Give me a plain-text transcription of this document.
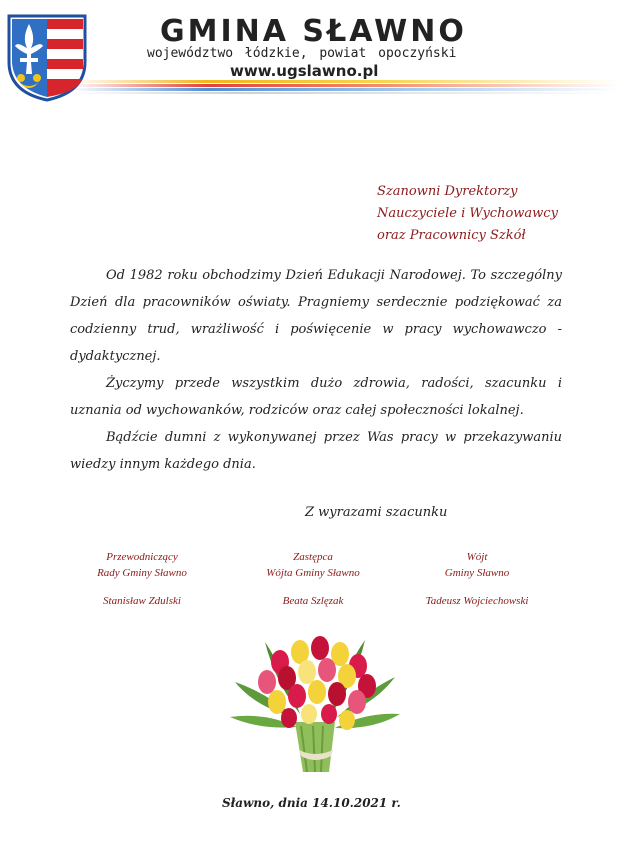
GMINA SŁAWNO
województwo łódzkie, powiat opoczyński
www.ugslawno.pl
Szanowni Dyrektorzy
Nauczyciele i Wychowawcy
oraz Pracownicy Szkół

Od 1982 roku obchodzimy Dzień Edukacji Narodowej. To szczególny Dzień dla pracowników oświaty. Pragniemy serdecznie podziękować za codzienny trud, wrażliwość i poświęcenie w pracy wychowawczo - dydaktycznej.

Życzymy przede wszystkim dużo zdrowia, radości, szacunku i uznania od wychowanków, rodziców oraz całej społeczności lokalnej.

Bądźcie dumni z wykonywanej przez Was pracy w przekazywaniu wiedzy innym każdego dnia.

Z wyrazami szacunku
Przewodniczący
Rady Gminy Sławno
Stanisław Zdulski
Zastępca
Wójta Gminy Sławno
Beata Szlęzak
Wójt
Gminy Sławno
Tadeusz Wojciechowski
Sławno, dnia 14.10.2021 r.
